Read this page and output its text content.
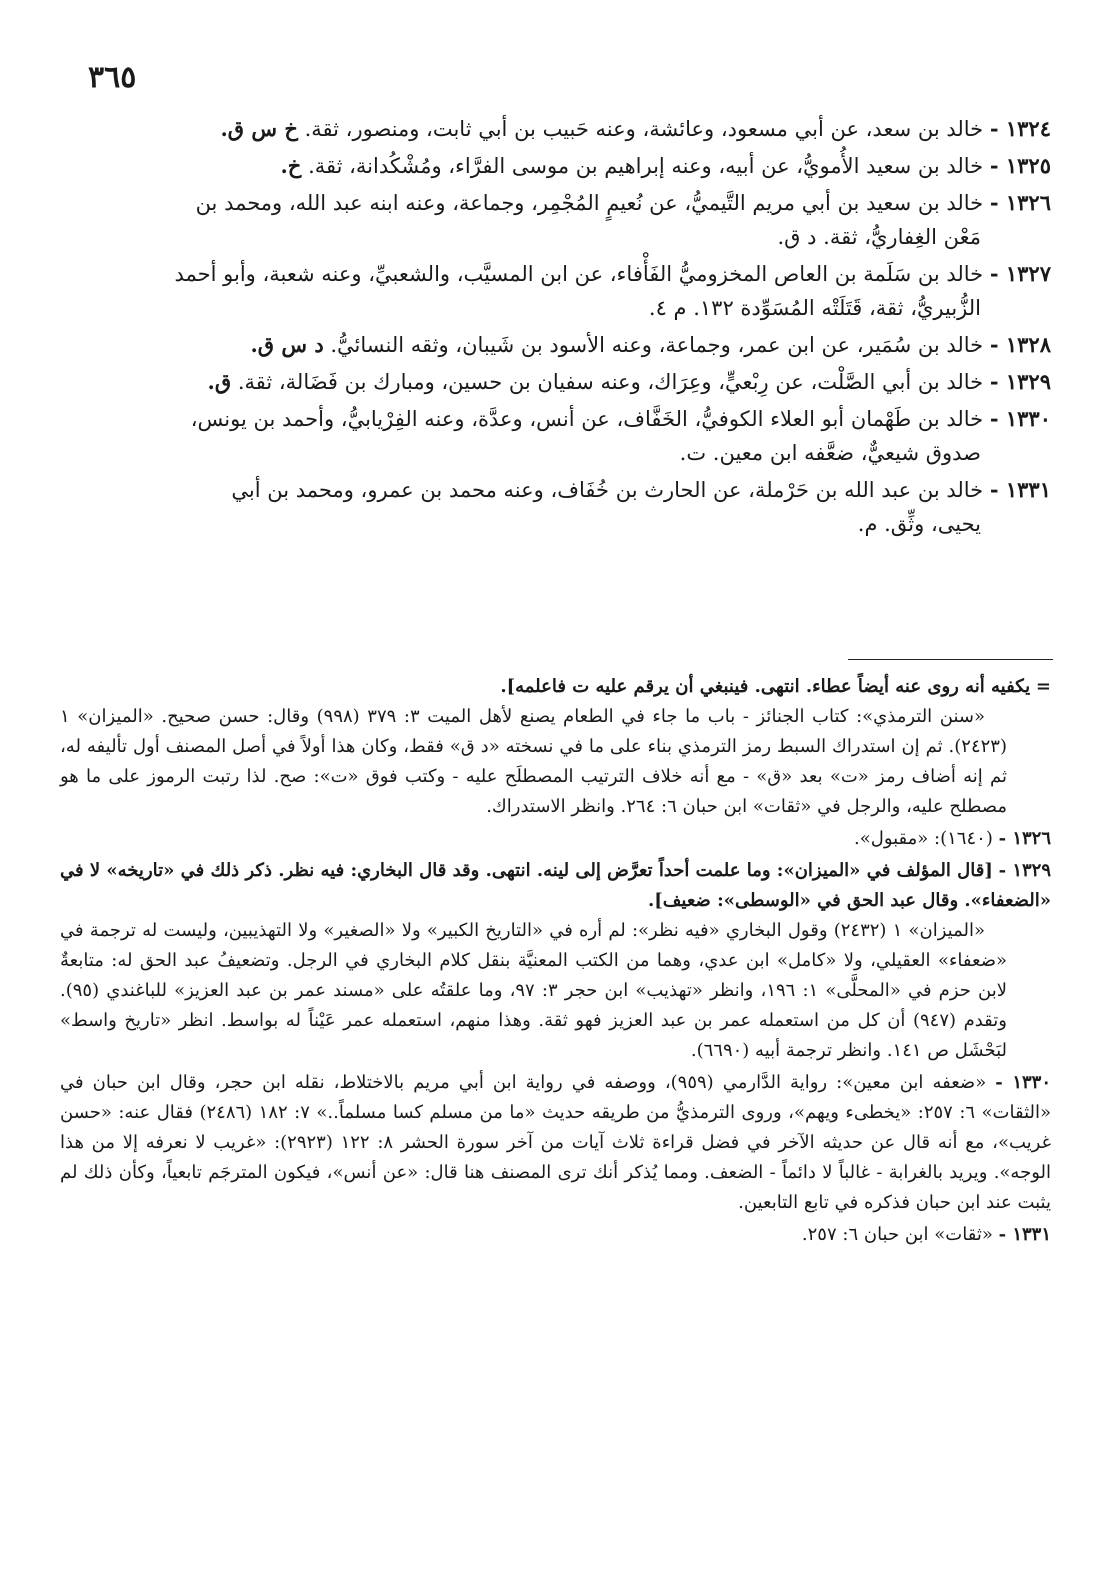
٣٦٥

١٣٢٤ - خالد بن سعد، عن أبي مسعود، وعائشة، وعنه حَبيب بن أبي ثابت، ومنصور، ثقة. خ س ق.

١٣٢٥ - خالد بن سعيد الأُمويُّ، عن أبيه، وعنه إبراهيم بن موسى الفرَّاء، ومُشْكُدانة، ثقة. خ.

١٣٢٦ - خالد بن سعيد بن أبي مريم التَّيميُّ، عن نُعيمٍ المُجْمِر، وجماعة، وعنه ابنه عبد الله، ومحمد بن
مَعْن الغِفاريُّ، ثقة. د ق.

١٣٢٧ - خالد بن سَلَمة بن العاص المخزوميُّ الفَأْفاء، عن ابن المسيَّب، والشعبيِّ، وعنه شعبة، وأبو أحمد
الزُّبيريُّ، ثقة، قَتَلَتْه المُسَوِّدة ١٣٢. م ٤.

١٣٢٨ - خالد بن سُمَير، عن ابن عمر، وجماعة، وعنه الأسود بن شَيبان، وثقه النسائيُّ. د س ق.

١٣٢٩ - خالد بن أبي الصَّلْت، عن رِبْعيٍّ، وعِرَاك، وعنه سفيان بن حسين، ومبارك بن فَضَالة، ثقة. ق.

١٣٣٠ - خالد بن طَهْمان أبو العلاء الكوفيُّ، الخَفَّاف، عن أنس، وعدَّة، وعنه الفِرْيابيُّ، وأحمد بن يونس،
صدوق شيعيٌّ، ضعَّفه ابن معين. ت.

١٣٣١ - خالد بن عبد الله بن حَرْملة، عن الحارث بن خُفَاف، وعنه محمد بن عمرو، ومحمد بن أبي
يحيى، وثِّق. م.

= يكفيه أنه روى عنه أيضاً عطاء. انتهى. فينبغي أن يرقم عليه ت فاعلمه].
«سنن الترمذي»: كتاب الجنائز - باب ما جاء في الطعام يصنع لأهل الميت ٣: ٣٧٩ (٩٩٨) وقال: حسن صحيح. «الميزان» ١ (٢٤٢٣). ثم إن استدراك السبط رمز الترمذي بناء على ما في نسخته «د ق» فقط، وكان هذا أولاً في أصل المصنف أول تأليفه له، ثم إنه أضاف رمز «ت» بعد «ق» - مع أنه خلاف الترتيب المصطلَح عليه - وكتب فوق «ت»: صح. لذا رتبت الرموز على ما هو مصطلح عليه، والرجل في «ثقات» ابن حبان ٦: ٢٦٤. وانظر الاستدراك.
١٣٢٦ - (١٦٤٠): «مقبول».
١٣٢٩ - [قال المؤلف في «الميزان»: وما علمت أحداً تعرَّض إلى لينه. انتهى. وقد قال البخاري: فيه نظر. ذكر ذلك في «تاريخه» لا في «الضعفاء». وقال عبد الحق في «الوسطى»: ضعيف].
«الميزان» ١ (٢٤٣٢) وقول البخاري «فيه نظر»: لم أره في «التاريخ الكبير» ولا «الصغير» ولا التهذيبين، وليست له ترجمة في «ضعفاء» العقيلي، ولا «كامل» ابن عدي، وهما من الكتب المعنيَّة بنقل كلام البخاري في الرجل. وتضعيفُ عبد الحق له: متابعةٌ لابن حزم في «المحلَّى» ١: ١٩٦، وانظر «تهذيب» ابن حجر ٣: ٩٧، وما علقتُه على «مسند عمر بن عبد العزيز» للباغندي (٩٥). وتقدم (٩٤٧) أن كل من استعمله عمر بن عبد العزيز فهو ثقة. وهذا منهم، استعمله عمر عَيْناً له بواسط. انظر «تاريخ واسط» لبَحْشَل ص ١٤١. وانظر ترجمة أبيه (٦٦٩٠).
١٣٣٠ - «ضعفه ابن معين»: رواية الدَّارمي (٩٥٩)، ووصفه في رواية ابن أبي مريم بالاختلاط، نقله ابن حجر، وقال ابن حبان في «الثقات» ٦: ٢٥٧: «يخطىء ويهم»، وروى الترمذيُّ من طريقه حديث «ما من مسلم كسا مسلماً..» ٧: ١٨٢ (٢٤٨٦) فقال عنه: «حسن غريب»، مع أنه قال عن حديثه الآخر في فضل قراءة ثلاث آيات من آخر سورة الحشر ٨: ١٢٢ (٢٩٢٣): «غريب لا نعرفه إلا من هذا الوجه». ويريد بالغرابة - غالباً لا دائماً - الضعف. ومما يُذكر أنك ترى المصنف هنا قال: «عن أنس»، فيكون المترجَم تابعياً، وكأن ذلك لم يثبت عند ابن حبان فذكره في تابع التابعين.
١٣٣١ - «ثقات» ابن حبان ٦: ٢٥٧.
